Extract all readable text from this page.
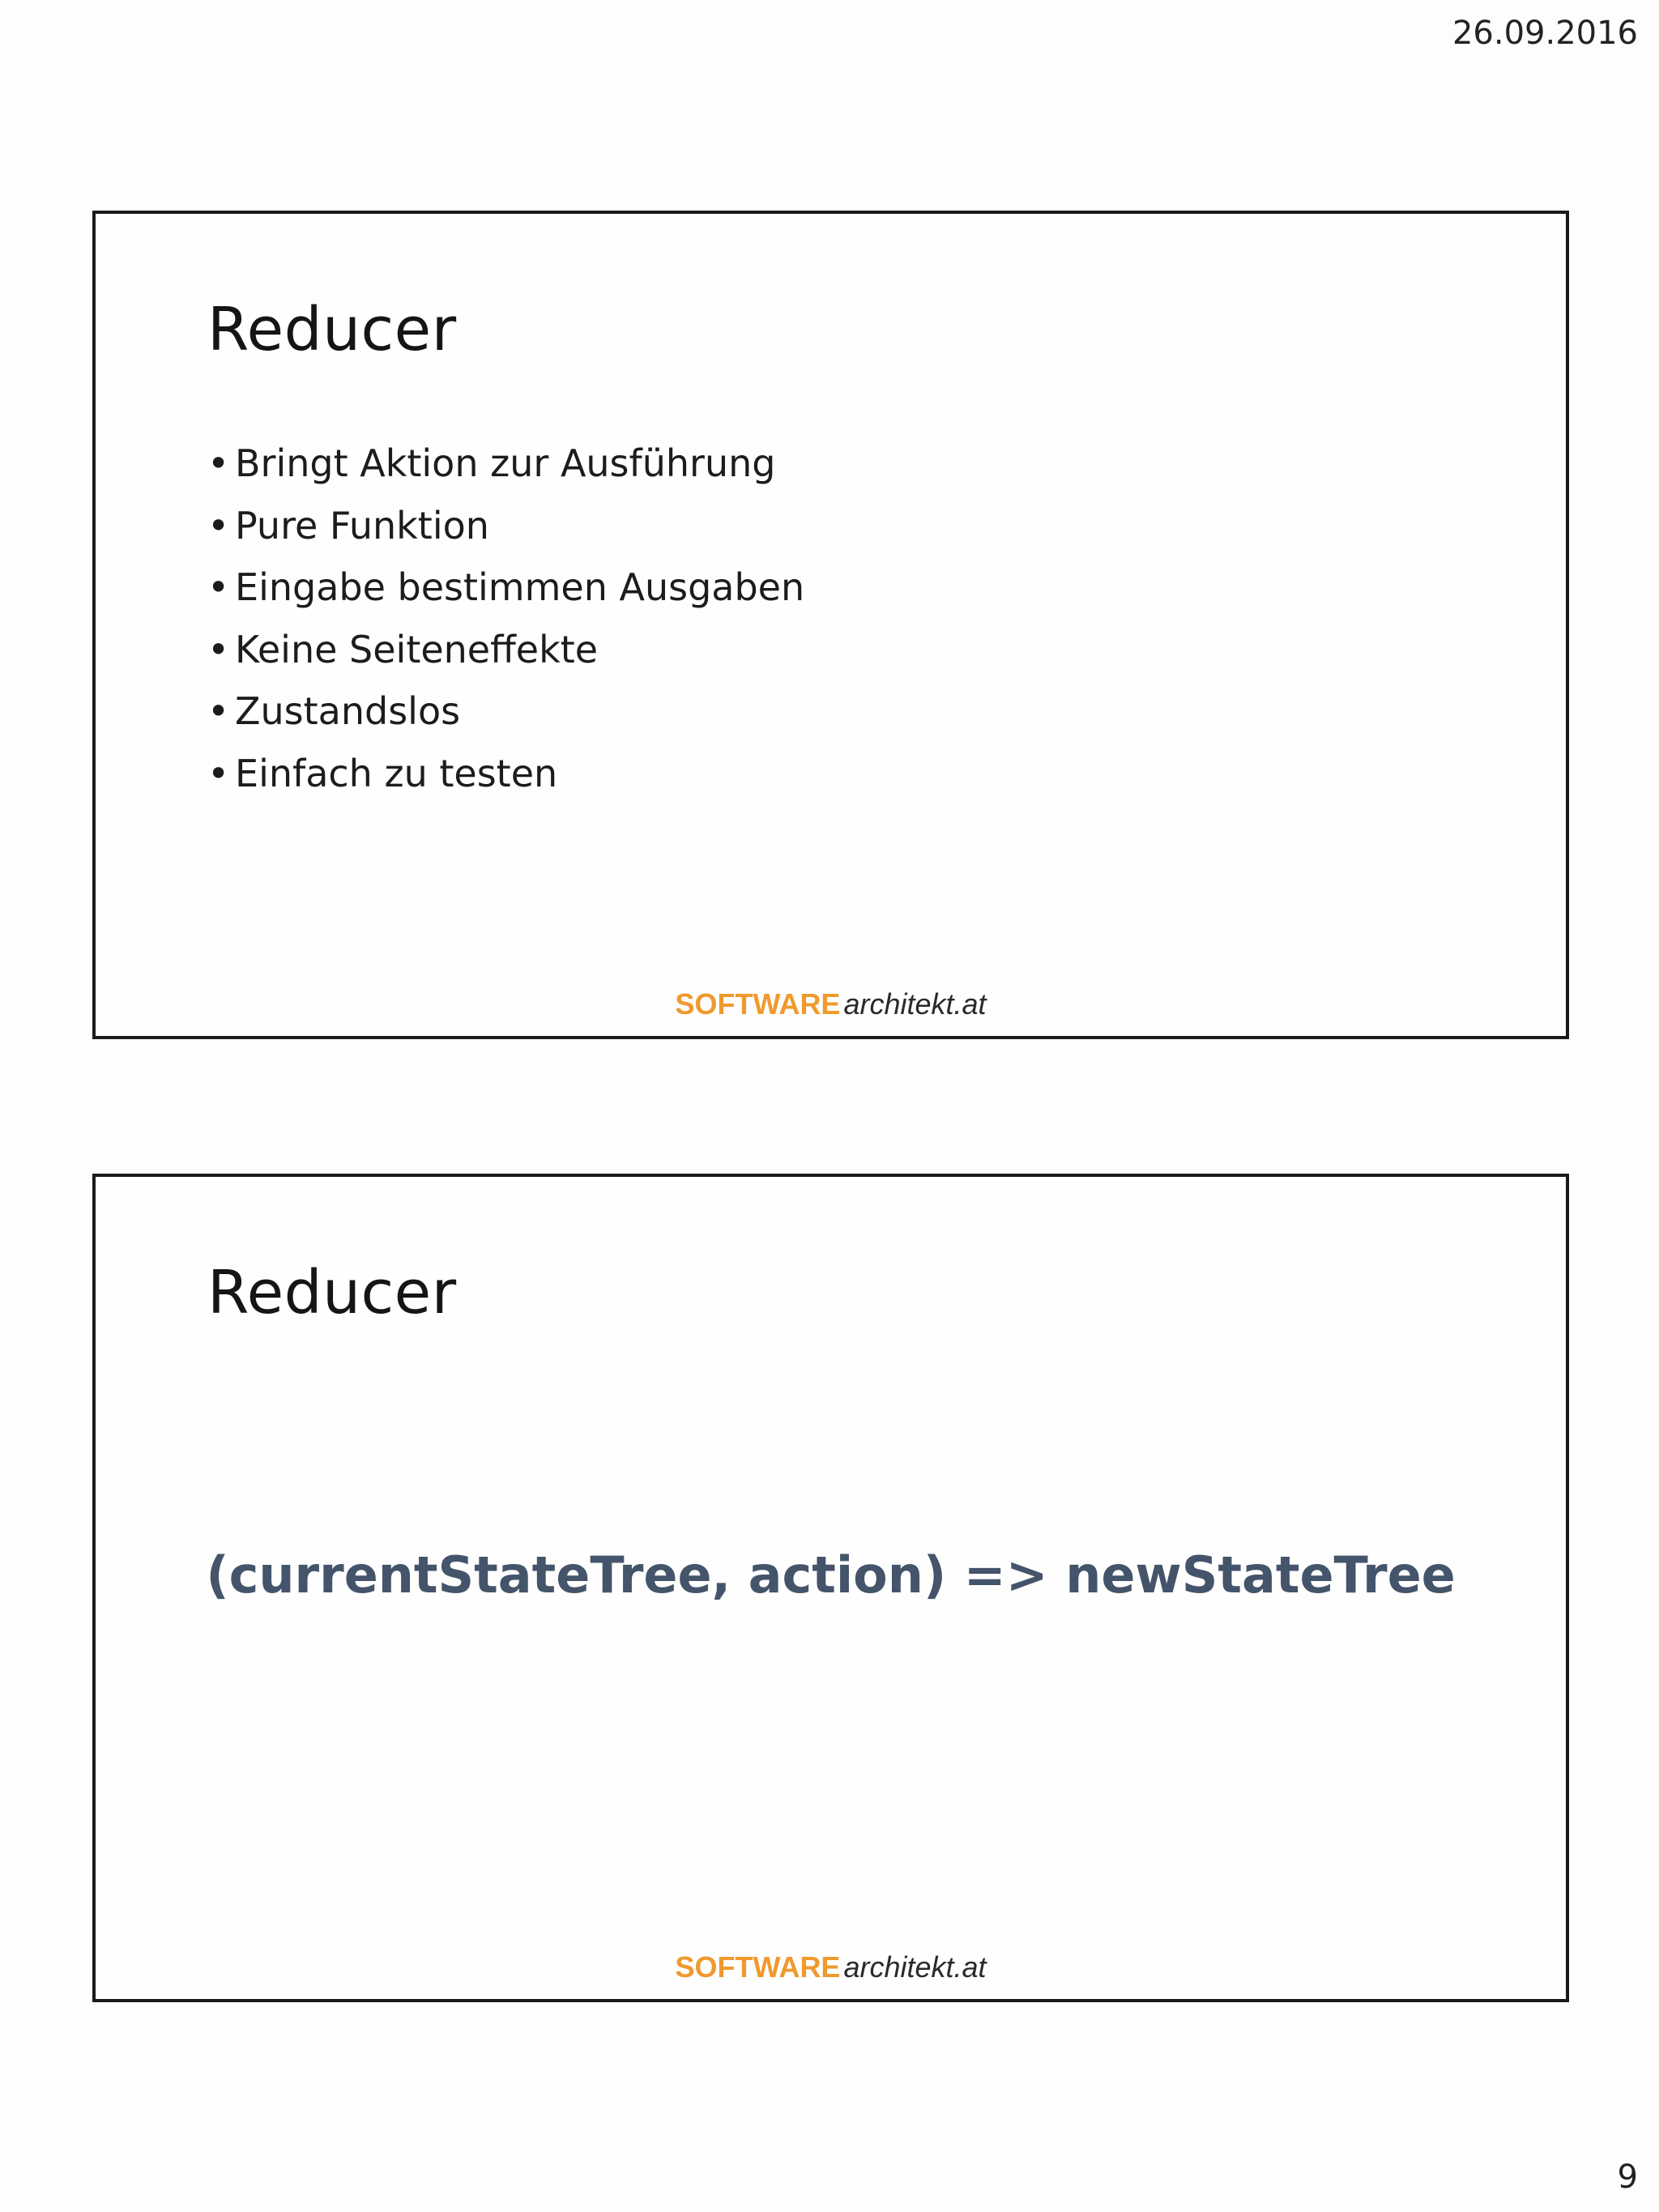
26.09.2016
Reducer
• Bringt Aktion zur Ausführung
• Pure Funktion
• Eingabe bestimmen Ausgaben
• Keine Seiteneffekte
• Zustandslos
• Einfach zu testen
SOFTWARE architekt.at
Reducer
(currentStateTree, action) => newStateTree
SOFTWARE architekt.at
9
